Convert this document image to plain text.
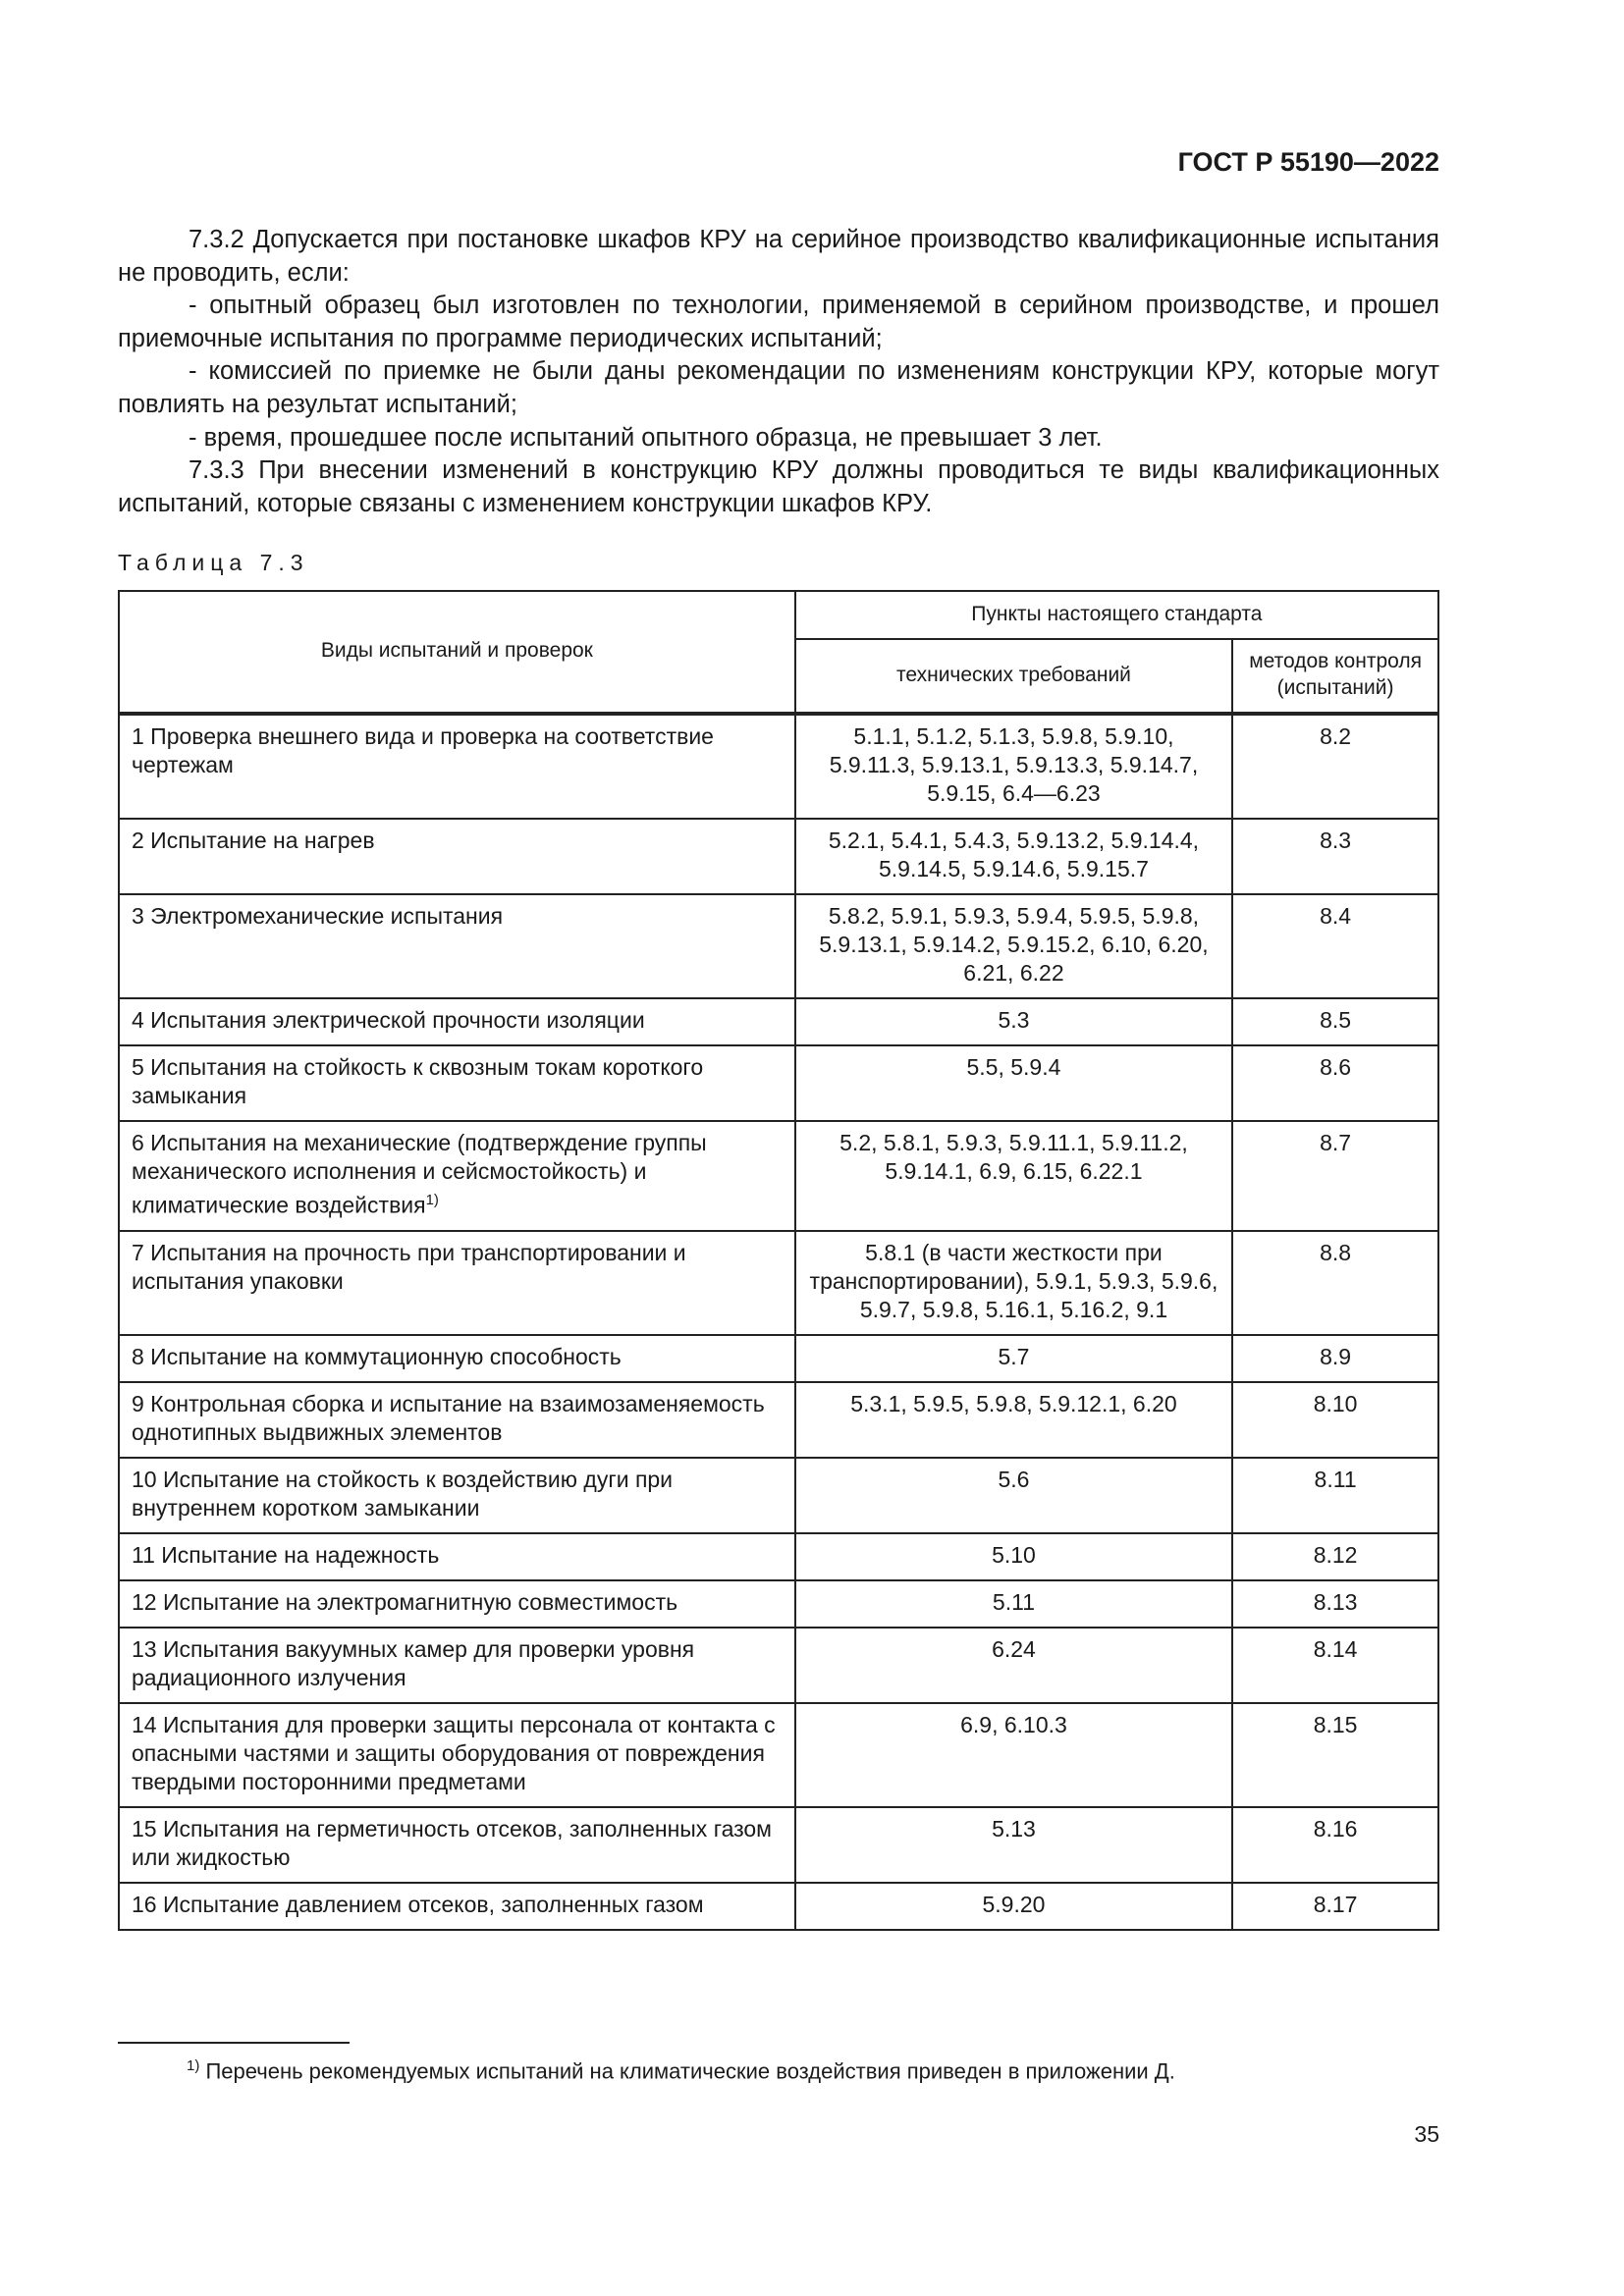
ГОСТ Р 55190—2022

7.3.2 Допускается при постановке шкафов КРУ на серийное производство квалификационные испытания не проводить, если:

- опытный образец был изготовлен по технологии, применяемой в серийном производстве, и прошел приемочные испытания по программе периодических испытаний;

- комиссией по приемке не были даны рекомендации по изменениям конструкции КРУ, которые могут повлиять на результат испытаний;

- время, прошедшее после испытаний опытного образца, не превышает 3 лет.

7.3.3 При внесении изменений в конструкцию КРУ должны проводиться те виды квалификационных испытаний, которые связаны с изменением конструкции шкафов КРУ.

Таблица 7.3
Виды испытаний и проверок	Пункты настоящего стандарта	
	технических требований	методов контроля (испытаний)
1 Проверка внешнего вида и проверка на соответствие чертежам	5.1.1, 5.1.2, 5.1.3, 5.9.8, 5.9.10, 5.9.11.3, 5.9.13.1, 5.9.13.3, 5.9.14.7, 5.9.15, 6.4—6.23	8.2
2 Испытание на нагрев	5.2.1, 5.4.1, 5.4.3, 5.9.13.2, 5.9.14.4, 5.9.14.5, 5.9.14.6, 5.9.15.7	8.3
3 Электромеханические испытания	5.8.2, 5.9.1, 5.9.3, 5.9.4, 5.9.5, 5.9.8, 5.9.13.1, 5.9.14.2, 5.9.15.2, 6.10, 6.20, 6.21, 6.22	8.4
4 Испытания электрической прочности изоляции	5.3	8.5
5 Испытания на стойкость к сквозным токам короткого замыкания	5.5, 5.9.4	8.6
6 Испытания на механические (подтверждение группы механического исполнения и сейсмостойкость) и климатические воздействия$^{1)}$	5.2, 5.8.1, 5.9.3, 5.9.11.1, 5.9.11.2, 5.9.14.1, 6.9, 6.15, 6.22.1	8.7
7 Испытания на прочность при транспортировании и испытания упаковки	5.8.1 (в части жесткости при транспортировании), 5.9.1, 5.9.3, 5.9.6, 5.9.7, 5.9.8, 5.16.1, 5.16.2, 9.1	8.8
8 Испытание на коммутационную способность	5.7	8.9
9 Контрольная сборка и испытание на взаимозаменяемость однотипных выдвижных элементов	5.3.1, 5.9.5, 5.9.8, 5.9.12.1, 6.20	8.10
10 Испытание на стойкость к воздействию дуги при внутреннем коротком замыкании	5.6	8.11
11 Испытание на надежность	5.10	8.12
12 Испытание на электромагнитную совместимость	5.11	8.13
13 Испытания вакуумных камер для проверки уровня радиационного излучения	6.24	8.14
14 Испытания для проверки защиты персонала от контакта с опасными частями и защиты оборудования от повреждения твердыми посторонними предметами	6.9, 6.10.3	8.15
15 Испытания на герметичность отсеков, заполненных газом или жидкостью	5.13	8.16
16 Испытание давлением отсеков, заполненных газом	5.9.20	8.17
$^{1)}$ Перечень рекомендуемых испытаний на климатические воздействия приведен в приложении Д.
35
